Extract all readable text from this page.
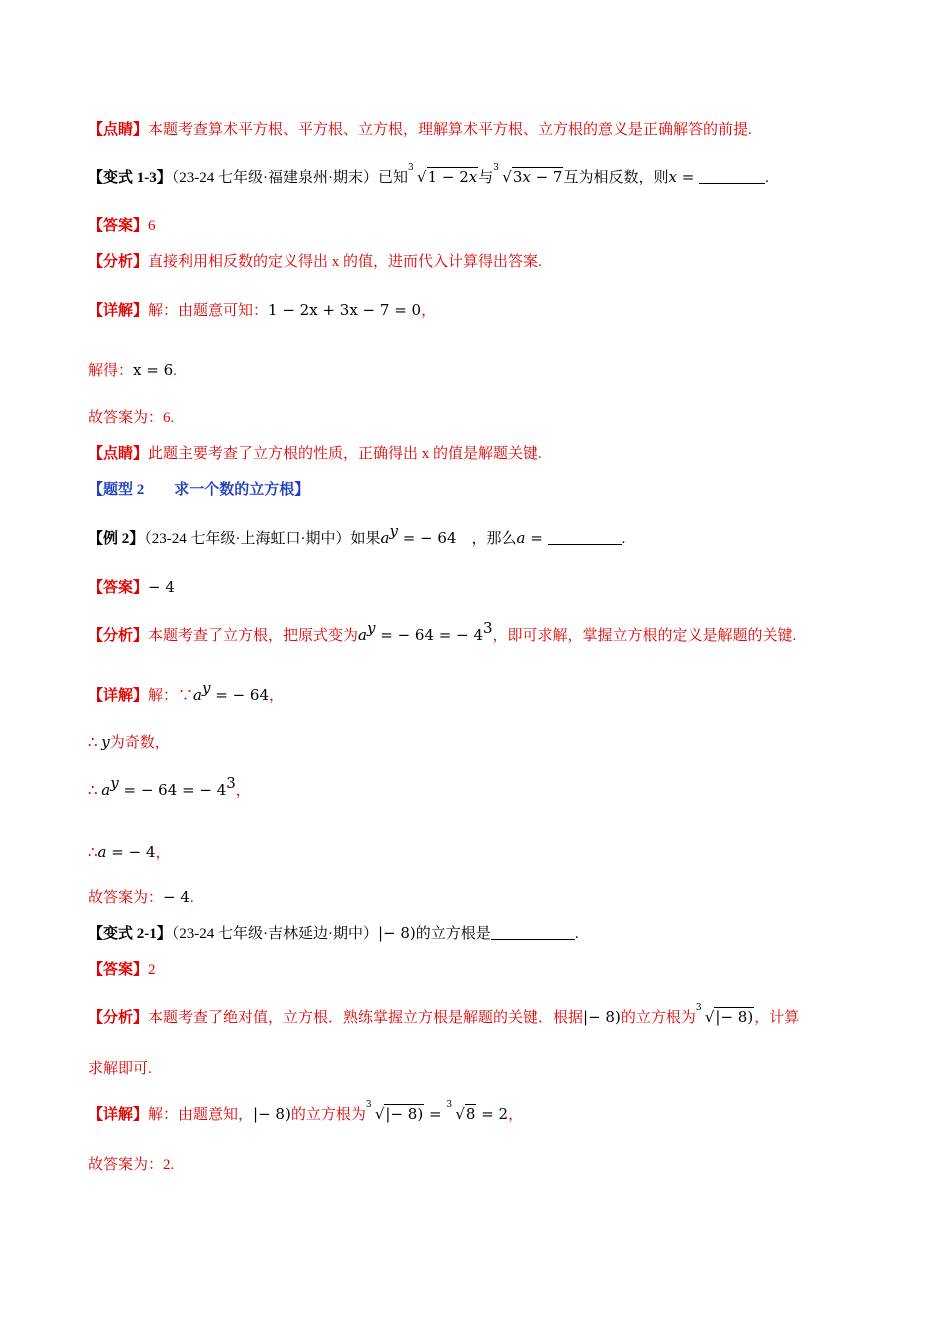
【点睛】本题考查算术平方根、平方根、立方根，理解算术平方根、立方根的意义是正确解答的前提.
【变式 1-3】（23-24 七年级·福建泉州·期末）已知
3 √1 − 2x与
3 √3x − 7互为相反数，则x =	.
【答案】6
【分析】直接利用相反数的定义得出 x 的值，进而代入计算得出答案.
【详解】解：由题意可知：1 − 2x + 3x − 7 = 0，
解得：x = 6.
故答案为：6.
【点睛】此题主要考查了立方根的性质，正确得出 x 的值是解题关键.
【题型 2　　求一个数的立方根】
【例 2】（23-24 七年级·上海虹口·期中）如果$a^y$ = − 64　，那么a =	.
【答案】− 4
【分析】本题考查了立方根，把原式变为$a^y$ = − 64 = − $4^3$，即可求解，掌握立方根的定义是解题的关键.
【详解】解：$\because a^y$ = − 64，
∴ y为奇数，
∴ $a^y$ = − 64 = − $4^3$，
∴a = − 4，
故答案为：− 4.
【变式 2-1】（23-24 七年级·吉林延边·期中）|− 8)的立方根是	.
【答案】2
【分析】本题考查了绝对值，立方根．熟练掌握立方根是解题的关键．根据|− 8)的立方根为
3 √|− 8)，计算
求解即可.
【详解】解：由题意知，|− 8)的立方根为
3 √|− 8) = 3 √8 = 2，
故答案为：2.
